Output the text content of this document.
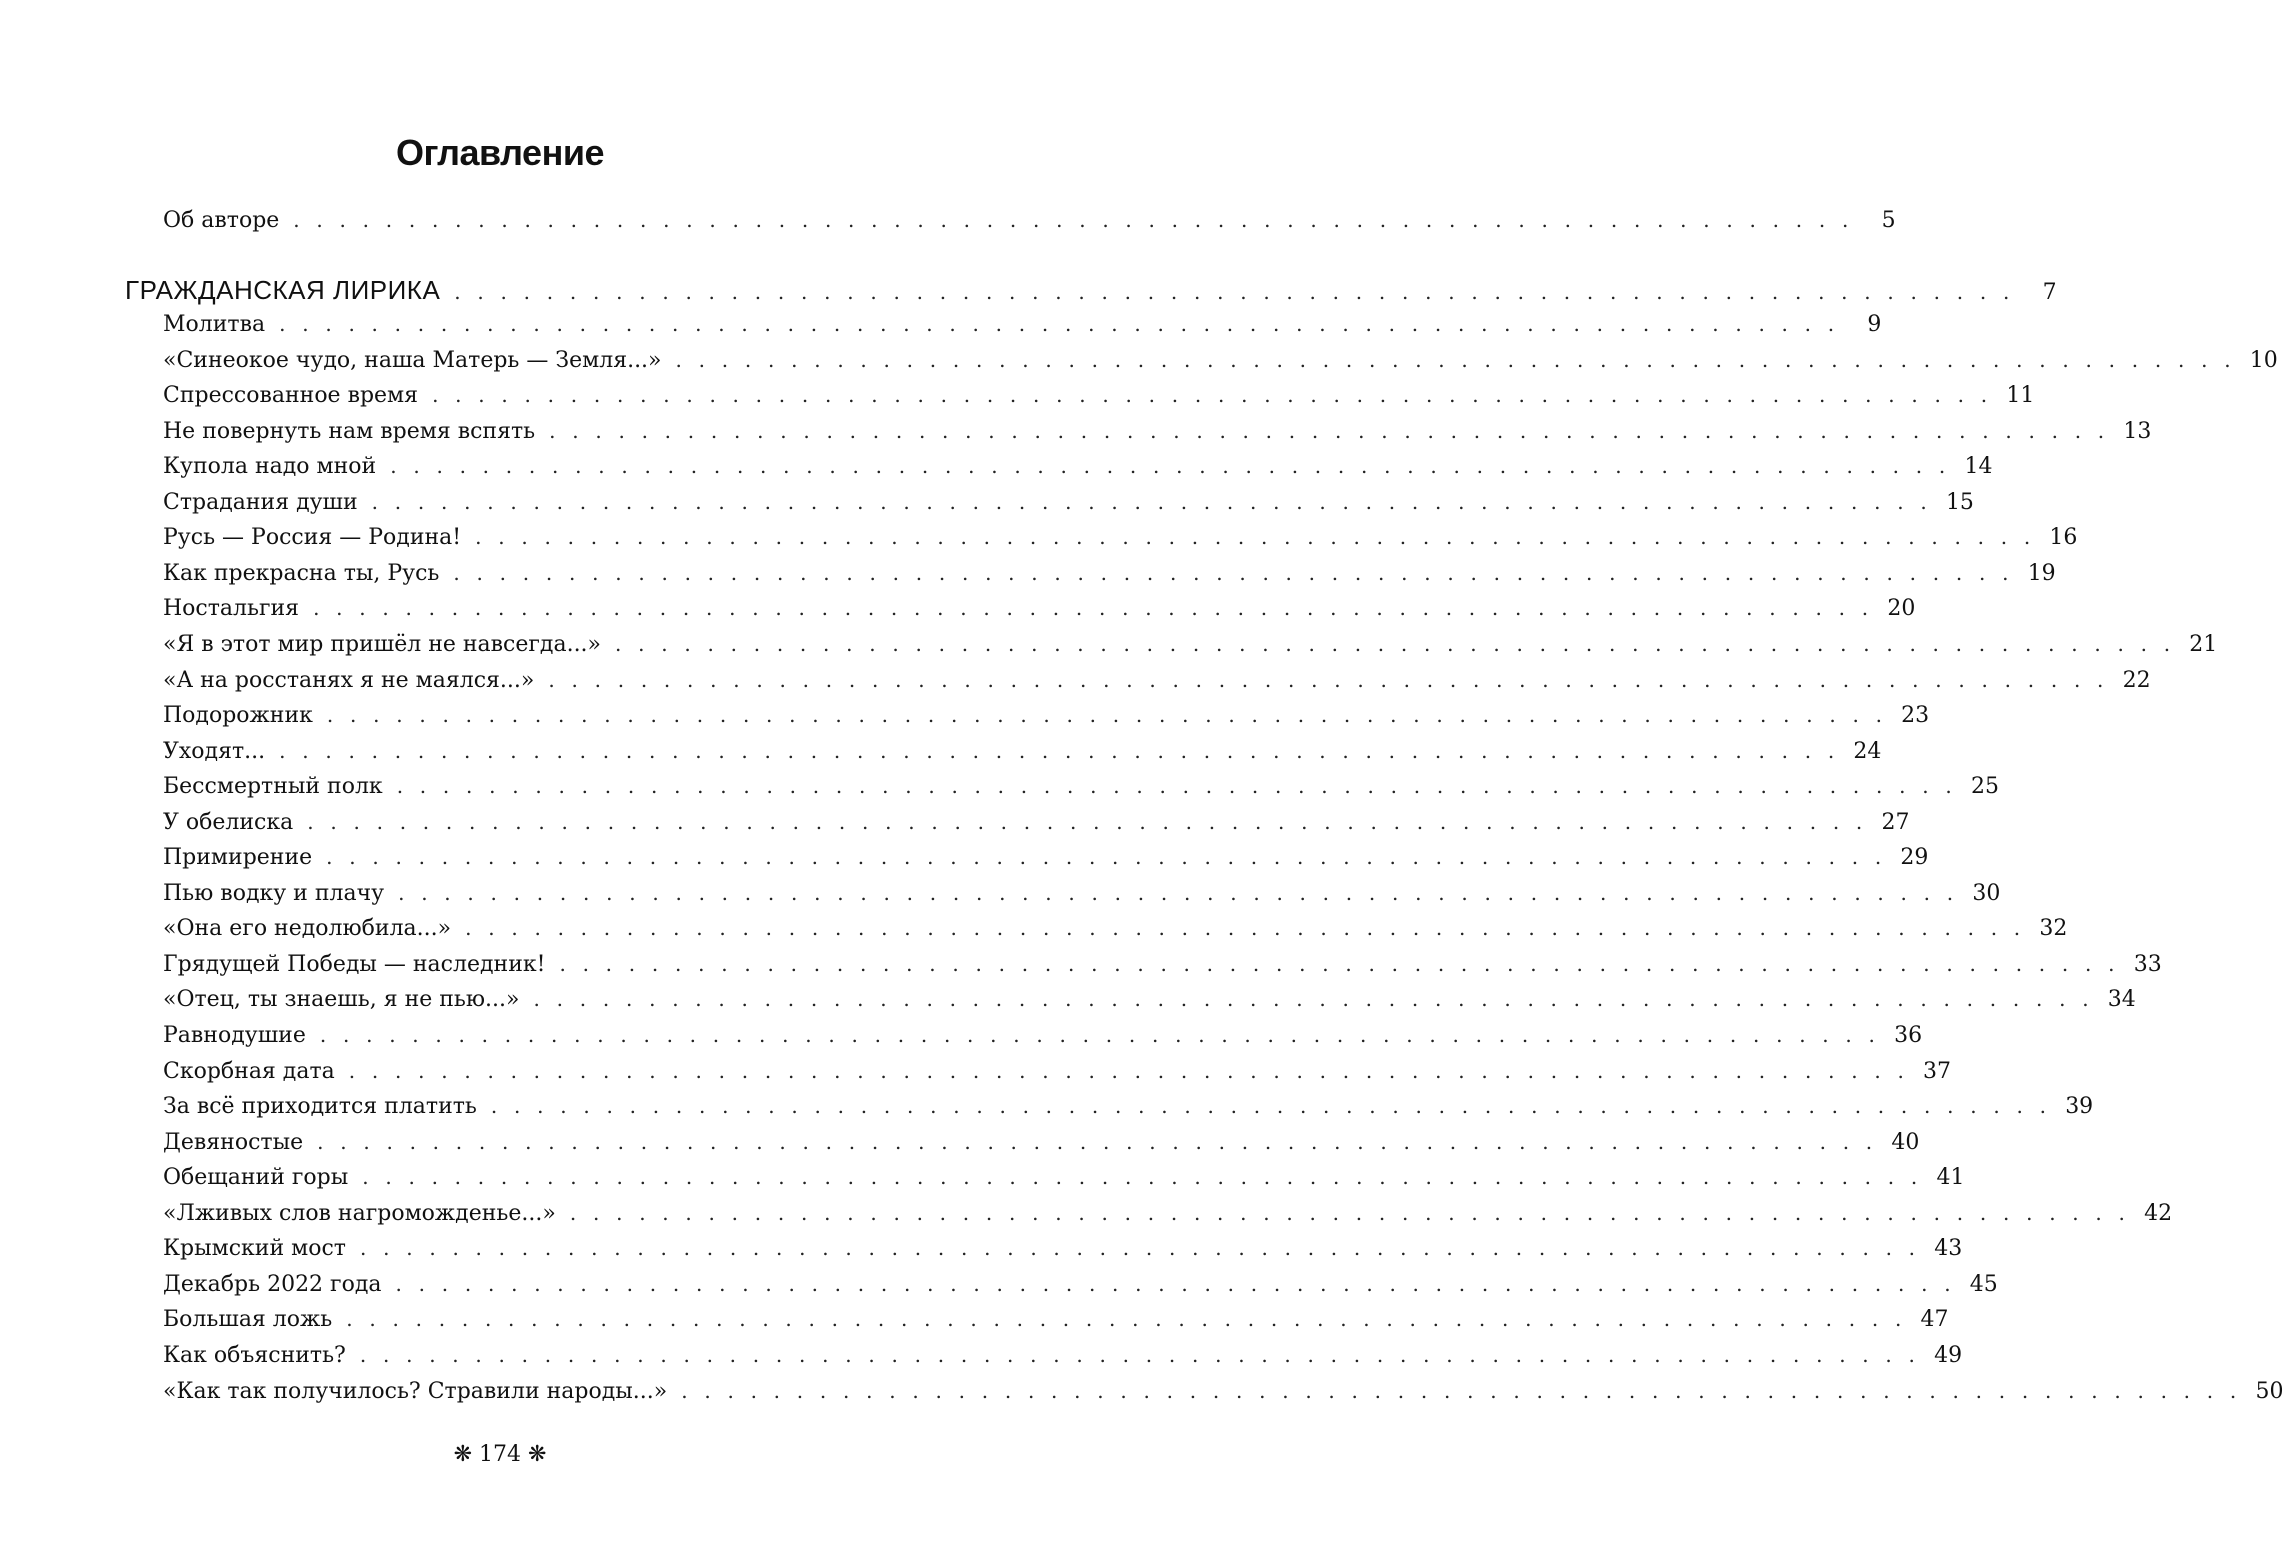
Оглавление
Об авторе . . . . . . . . . . . . . . . . . . . . . . . . . . . . . . . . . . . . . . . . . . . . . . . . . . . . . . . . . . . . . . . . . . . .	5
ГРАЖДАНСКАЯ ЛИРИКА . . . . . . . . . . . . . . . . . . . . . . . . . . . . . . . . . . . . . . . . . . . . . . . . . . . . . . . . . . . . . . . . . . . .	7
Молитва . . . . . . . . . . . . . . . . . . . . . . . . . . . . . . . . . . . . . . . . . . . . . . . . . . . . . . . . . . . . . . . . . . . .	9
«Синеокое чудо, наша Матерь — Земля...» . . . . . . . . . . . . . . . . . . . . . . . . . . . . . . . . . . . . . . . . . . . . . . . . . . . . . . . . . . . . . . . . . . . . 10
Спрессованное время . . . . . . . . . . . . . . . . . . . . . . . . . . . . . . . . . . . . . . . . . . . . . . . . . . . . . . . . . . . . . . . . . . . . 11
Не повернуть нам время вспять . . . . . . . . . . . . . . . . . . . . . . . . . . . . . . . . . . . . . . . . . . . . . . . . . . . . . . . . . . . . . . . . . . . . 13
Купола надо мной . . . . . . . . . . . . . . . . . . . . . . . . . . . . . . . . . . . . . . . . . . . . . . . . . . . . . . . . . . . . . . . . . . . . 14
Страдания души . . . . . . . . . . . . . . . . . . . . . . . . . . . . . . . . . . . . . . . . . . . . . . . . . . . . . . . . . . . . . . . . . . . . 15
Русь — Россия — Родина! . . . . . . . . . . . . . . . . . . . . . . . . . . . . . . . . . . . . . . . . . . . . . . . . . . . . . . . . . . . . . . . . . . . . 16
Как прекрасна ты, Русь . . . . . . . . . . . . . . . . . . . . . . . . . . . . . . . . . . . . . . . . . . . . . . . . . . . . . . . . . . . . . . . . . . . . 19
Ностальгия . . . . . . . . . . . . . . . . . . . . . . . . . . . . . . . . . . . . . . . . . . . . . . . . . . . . . . . . . . . . . . . . . . . . 20
«Я в этот мир пришёл не навсегда...» . . . . . . . . . . . . . . . . . . . . . . . . . . . . . . . . . . . . . . . . . . . . . . . . . . . . . . . . . . . . . . . . . . . . 21
«А на росстанях я не маялся...» . . . . . . . . . . . . . . . . . . . . . . . . . . . . . . . . . . . . . . . . . . . . . . . . . . . . . . . . . . . . . . . . . . . . 22
Подорожник . . . . . . . . . . . . . . . . . . . . . . . . . . . . . . . . . . . . . . . . . . . . . . . . . . . . . . . . . . . . . . . . . . . . 23
Уходят... . . . . . . . . . . . . . . . . . . . . . . . . . . . . . . . . . . . . . . . . . . . . . . . . . . . . . . . . . . . . . . . . . . . . 24
Бессмертный полк . . . . . . . . . . . . . . . . . . . . . . . . . . . . . . . . . . . . . . . . . . . . . . . . . . . . . . . . . . . . . . . . . . . . 25
У обелиска . . . . . . . . . . . . . . . . . . . . . . . . . . . . . . . . . . . . . . . . . . . . . . . . . . . . . . . . . . . . . . . . . . . . 27
Примирение . . . . . . . . . . . . . . . . . . . . . . . . . . . . . . . . . . . . . . . . . . . . . . . . . . . . . . . . . . . . . . . . . . . . 29
Пью водку и плачу . . . . . . . . . . . . . . . . . . . . . . . . . . . . . . . . . . . . . . . . . . . . . . . . . . . . . . . . . . . . . . . . . . . . 30
«Она его недолюбила...» . . . . . . . . . . . . . . . . . . . . . . . . . . . . . . . . . . . . . . . . . . . . . . . . . . . . . . . . . . . . . . . . . . . . 32
Грядущей Победы — наследник! . . . . . . . . . . . . . . . . . . . . . . . . . . . . . . . . . . . . . . . . . . . . . . . . . . . . . . . . . . . . . . . . . . . . 33
«Отец, ты знаешь, я не пью...» . . . . . . . . . . . . . . . . . . . . . . . . . . . . . . . . . . . . . . . . . . . . . . . . . . . . . . . . . . . . . . . . . . . . 34
Равнодушие . . . . . . . . . . . . . . . . . . . . . . . . . . . . . . . . . . . . . . . . . . . . . . . . . . . . . . . . . . . . . . . . . . . . 36
Скорбная дата . . . . . . . . . . . . . . . . . . . . . . . . . . . . . . . . . . . . . . . . . . . . . . . . . . . . . . . . . . . . . . . . . . . . 37
За всё приходится платить . . . . . . . . . . . . . . . . . . . . . . . . . . . . . . . . . . . . . . . . . . . . . . . . . . . . . . . . . . . . . . . . . . . . 39
Девяностые . . . . . . . . . . . . . . . . . . . . . . . . . . . . . . . . . . . . . . . . . . . . . . . . . . . . . . . . . . . . . . . . . . . . 40
Обещаний горы . . . . . . . . . . . . . . . . . . . . . . . . . . . . . . . . . . . . . . . . . . . . . . . . . . . . . . . . . . . . . . . . . . . . 41
«Лживых слов нагроможденье...» . . . . . . . . . . . . . . . . . . . . . . . . . . . . . . . . . . . . . . . . . . . . . . . . . . . . . . . . . . . . . . . . . . . . 42
Крымский мост . . . . . . . . . . . . . . . . . . . . . . . . . . . . . . . . . . . . . . . . . . . . . . . . . . . . . . . . . . . . . . . . . . . . 43
Декабрь 2022 года . . . . . . . . . . . . . . . . . . . . . . . . . . . . . . . . . . . . . . . . . . . . . . . . . . . . . . . . . . . . . . . . . . . . 45
Большая ложь . . . . . . . . . . . . . . . . . . . . . . . . . . . . . . . . . . . . . . . . . . . . . . . . . . . . . . . . . . . . . . . . . . . . 47
Как объяснить? . . . . . . . . . . . . . . . . . . . . . . . . . . . . . . . . . . . . . . . . . . . . . . . . . . . . . . . . . . . . . . . . . . . . 49
«Как так получилось? Стравили народы...» . . . . . . . . . . . . . . . . . . . . . . . . . . . . . . . . . . . . . . . . . . . . . . . . . . . . . . . . . . . . . . . . . . . . 50
❋ 174 ❋
